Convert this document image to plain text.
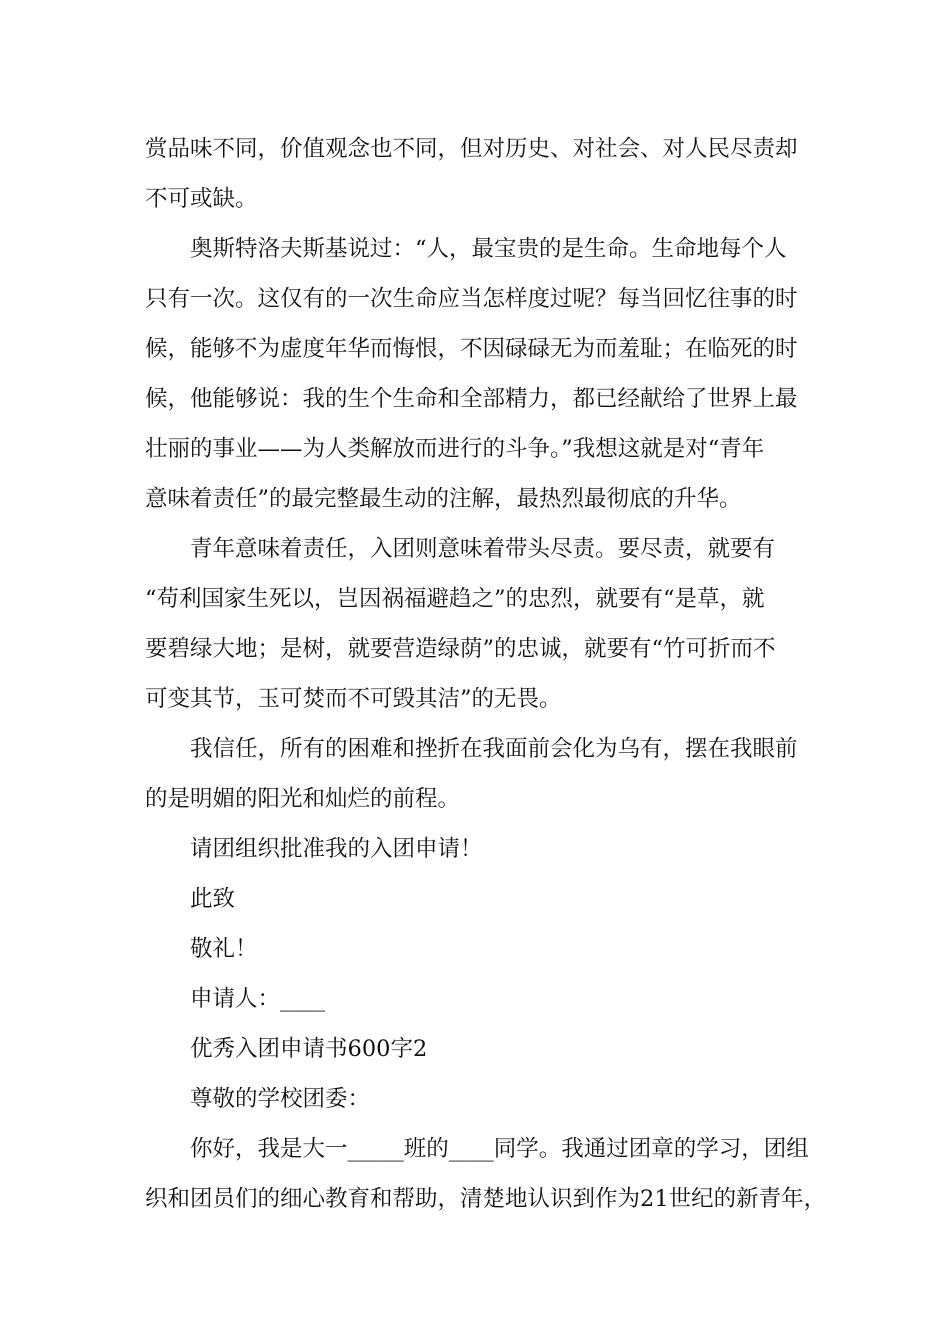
赏品味不同，价值观念也不同，但对历史、对社会、对人民尽责却
不可或缺。

奥斯特洛夫斯基说过：“人，最宝贵的是生命。生命地每个人
只有一次。这仅有的一次生命应当怎样度过呢？每当回忆往事的时
候，能够不为虚度年华而悔恨，不因碌碌无为而羞耻；在临死的时
候，他能够说：我的生个生命和全部精力，都已经献给了世界上最
壮丽的事业——为人类解放而进行的斗争。”我想这就是对“青年
意味着责任”的最完整最生动的注解，最热烈最彻底的升华。

青年意味着责任，入团则意味着带头尽责。要尽责，就要有
“苟利国家生死以，岂因祸福避趋之”的忠烈，就要有“是草，就
要碧绿大地；是树，就要营造绿荫”的忠诚，就要有“竹可折而不
可变其节，玉可焚而不可毁其洁”的无畏。

我信任，所有的困难和挫折在我面前会化为乌有，摆在我眼前
的是明媚的阳光和灿烂的前程。

请团组织批准我的入团申请！

此致

敬礼！

申请人：____

优秀入团申请书600字2

尊敬的学校团委：

你好，我是大一_____班的____同学。我通过团章的学习，团组
织和团员们的细心教育和帮助，清楚地认识到作为21世纪的新青年，
